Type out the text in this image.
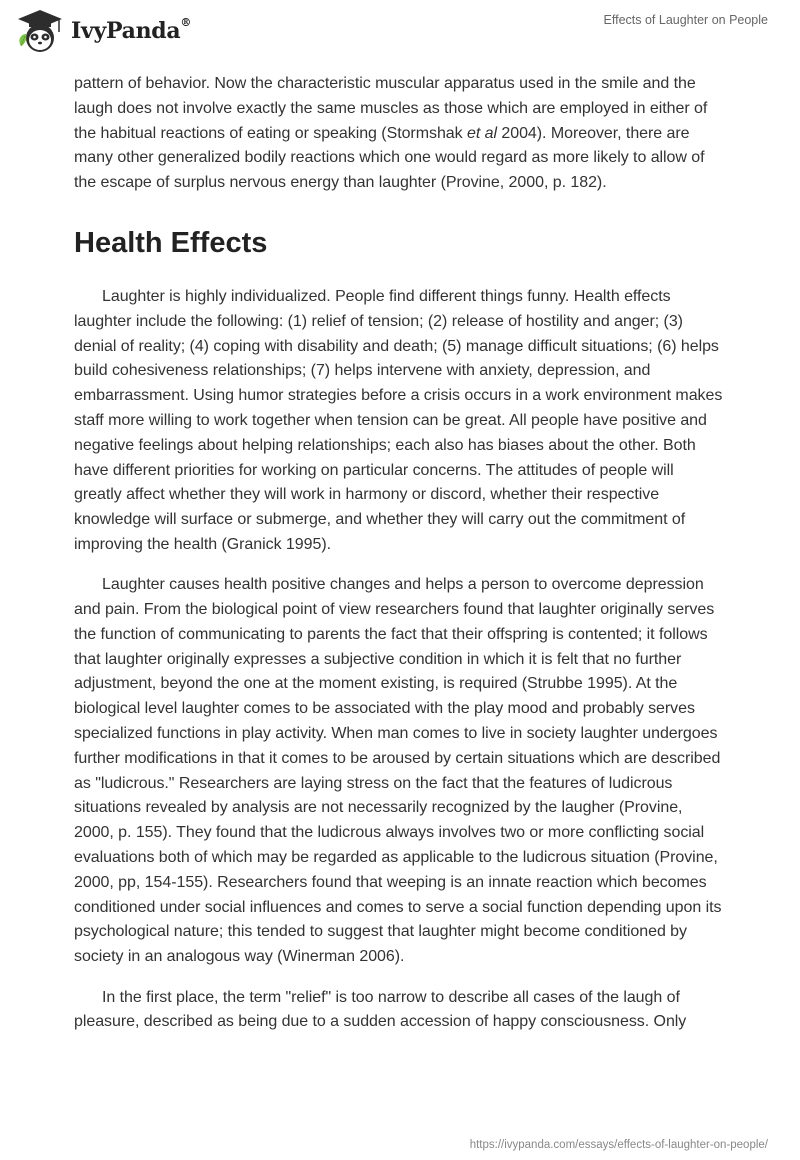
IvyPanda®	Effects of Laughter on People

pattern of behavior. Now the characteristic muscular apparatus used in the smile and the laugh does not involve exactly the same muscles as those which are employed in either of the habitual reactions of eating or speaking (Stormshak et al 2004). Moreover, there are many other generalized bodily reactions which one would regard as more likely to allow of the escape of surplus nervous energy than laughter (Provine, 2000, p. 182).

Health Effects

Laughter is highly individualized. People find different things funny. Health effects laughter include the following: (1) relief of tension; (2) release of hostility and anger; (3) denial of reality; (4) coping with disability and death; (5) manage difficult situations; (6) helps build cohesiveness relationships; (7) helps intervene with anxiety, depression, and embarrassment. Using humor strategies before a crisis occurs in a work environment makes staff more willing to work together when tension can be great. All people have positive and negative feelings about helping relationships; each also has biases about the other. Both have different priorities for working on particular concerns. The attitudes of people will greatly affect whether they will work in harmony or discord, whether their respective knowledge will surface or submerge, and whether they will carry out the commitment of improving the health (Granick 1995).

Laughter causes health positive changes and helps a person to overcome depression and pain. From the biological point of view researchers found that laughter originally serves the function of communicating to parents the fact that their offspring is contented; it follows that laughter originally expresses a subjective condition in which it is felt that no further adjustment, beyond the one at the moment existing, is required (Strubbe 1995). At the biological level laughter comes to be associated with the play mood and probably serves specialized functions in play activity. When man comes to live in society laughter undergoes further modifications in that it comes to be aroused by certain situations which are described as "ludicrous." Researchers are laying stress on the fact that the features of ludicrous situations revealed by analysis are not necessarily recognized by the laugher (Provine, 2000, p. 155). They found that the ludicrous always involves two or more conflicting social evaluations both of which may be regarded as applicable to the ludicrous situation (Provine, 2000, pp, 154-155). Researchers found that weeping is an innate reaction which becomes conditioned under social influences and comes to serve a social function depending upon its psychological nature; this tended to suggest that laughter might become conditioned by society in an analogous way (Winerman 2006).

In the first place, the term "relief" is too narrow to describe all cases of the laugh of pleasure, described as being due to a sudden accession of happy consciousness. Only

https://ivypanda.com/essays/effects-of-laughter-on-people/
